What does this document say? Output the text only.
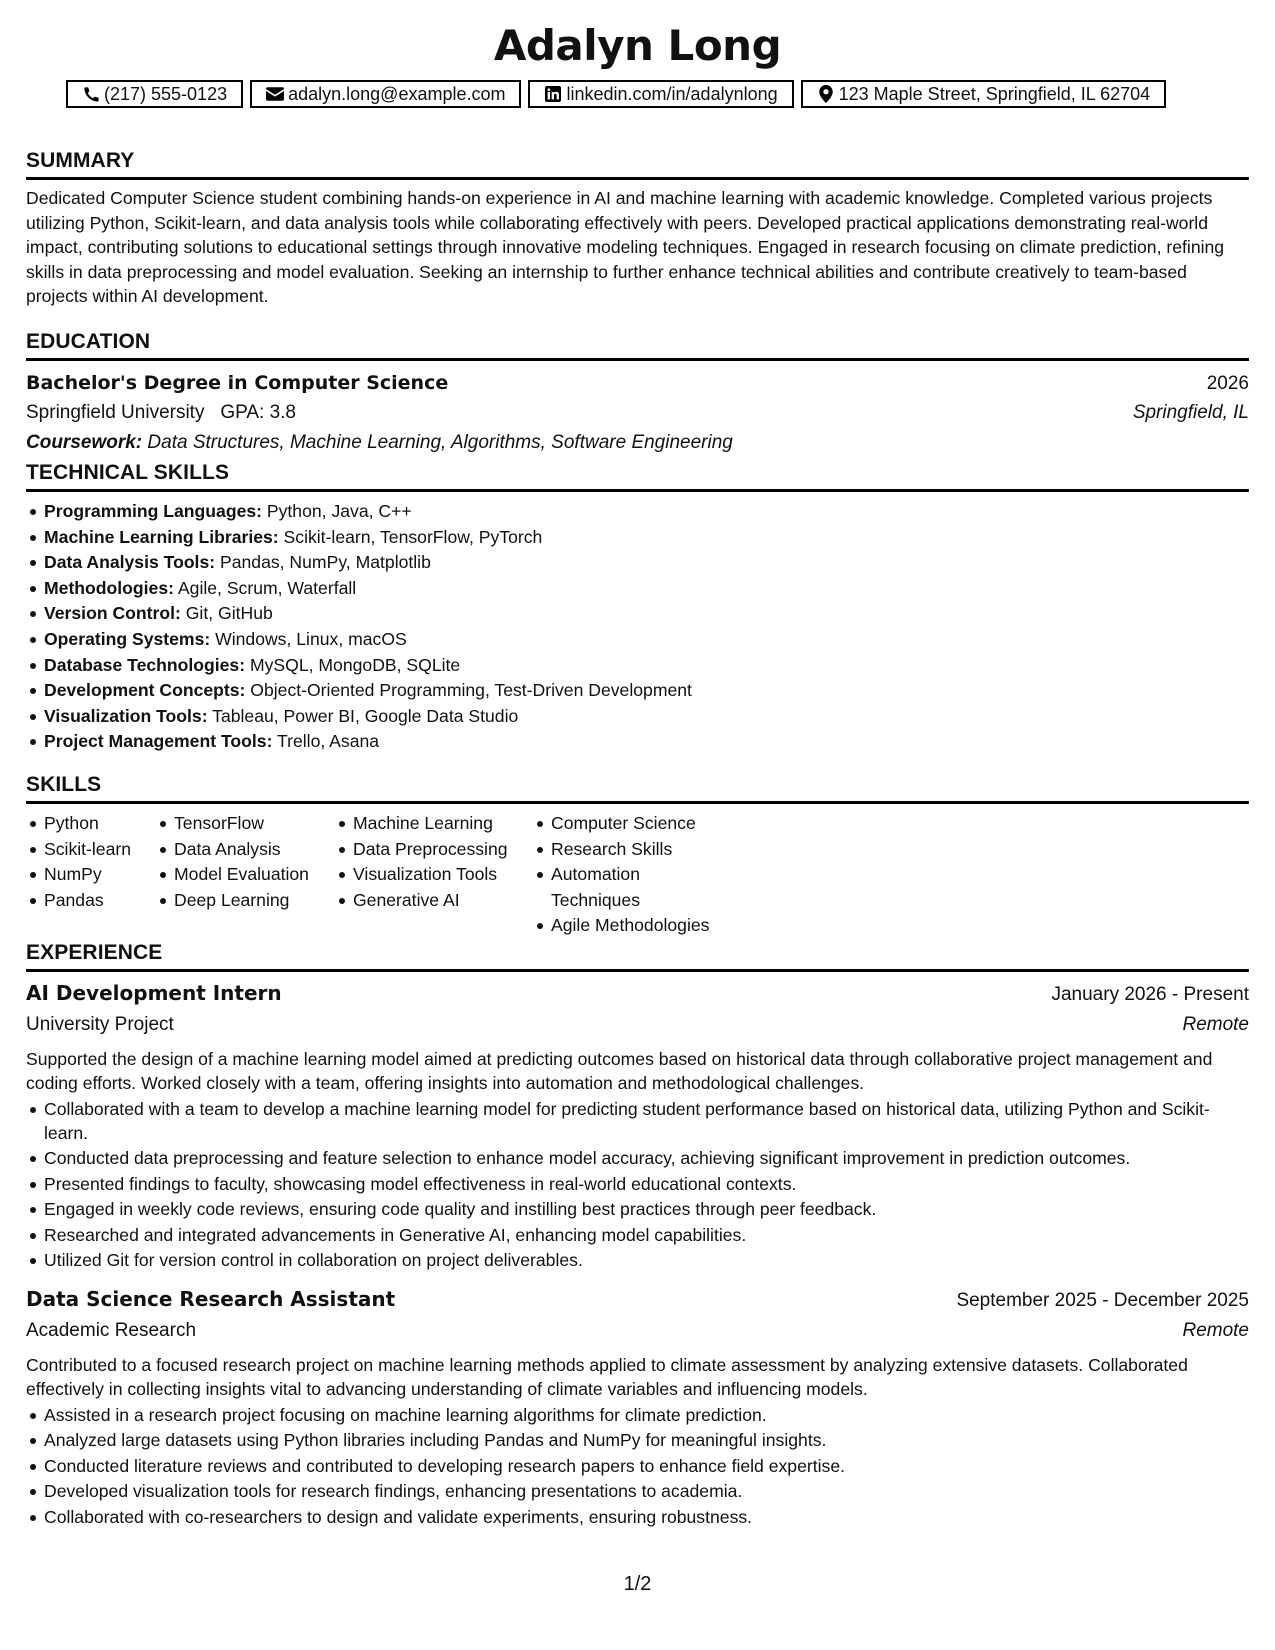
Adalyn Long
(217) 555-0123	adalyn.long@example.com	linkedin.com/in/adalynlong	123 Maple Street, Springfield, IL 62704
SUMMARY

Dedicated Computer Science student combining hands-on experience in AI and machine learning with academic knowledge. Completed various projects utilizing Python, Scikit-learn, and data analysis tools while collaborating effectively with peers. Developed practical applications demonstrating real-world impact, contributing solutions to educational settings through innovative modeling techniques. Engaged in research focusing on climate prediction, refining skills in data preprocessing and model evaluation. Seeking an internship to further enhance technical abilities and contribute creatively to team-based projects within AI development.

EDUCATION
Bachelor's Degree in Computer Science	2026
Springfield University GPA: 3.8	Springfield, IL
Coursework: Data Structures, Machine Learning, Algorithms, Software Engineering
TECHNICAL SKILLS
Programming Languages: Python, Java, C++
Machine Learning Libraries: Scikit-learn, TensorFlow, PyTorch
Data Analysis Tools: Pandas, NumPy, Matplotlib
Methodologies: Agile, Scrum, Waterfall
Version Control: Git, GitHub
Operating Systems: Windows, Linux, macOS
Database Technologies: MySQL, MongoDB, SQLite
Development Concepts: Object-Oriented Programming, Test-Driven Development
Visualization Tools: Tableau, Power BI, Google Data Studio
Project Management Tools: Trello, Asana
SKILLS
Python
Scikit-learn
NumPy
Pandas
TensorFlow
Data Analysis
Model Evaluation
Deep Learning
Machine Learning
Data Preprocessing
Visualization Tools
Generative AI
Computer Science
Research Skills
Automation Techniques
Agile Methodologies
EXPERIENCE
AI Development Intern	January 2026 - Present
University Project	Remote

Supported the design of a machine learning model aimed at predicting outcomes based on historical data through collaborative project management and coding efforts. Worked closely with a team, offering insights into automation and methodological challenges.

Collaborated with a team to develop a machine learning model for predicting student performance based on historical data, utilizing Python and Scikit-learn.
Conducted data preprocessing and feature selection to enhance model accuracy, achieving significant improvement in prediction outcomes.
Presented findings to faculty, showcasing model effectiveness in real-world educational contexts.
Engaged in weekly code reviews, ensuring code quality and instilling best practices through peer feedback.
Researched and integrated advancements in Generative AI, enhancing model capabilities.
Utilized Git for version control in collaboration on project deliverables.
Data Science Research Assistant	September 2025 - December 2025
Academic Research	Remote

Contributed to a focused research project on machine learning methods applied to climate assessment by analyzing extensive datasets. Collaborated effectively in collecting insights vital to advancing understanding of climate variables and influencing models.

Assisted in a research project focusing on machine learning algorithms for climate prediction.
Analyzed large datasets using Python libraries including Pandas and NumPy for meaningful insights.
Conducted literature reviews and contributed to developing research papers to enhance field expertise.
Developed visualization tools for research findings, enhancing presentations to academia.
Collaborated with co-researchers to design and validate experiments, ensuring robustness.
1/2
